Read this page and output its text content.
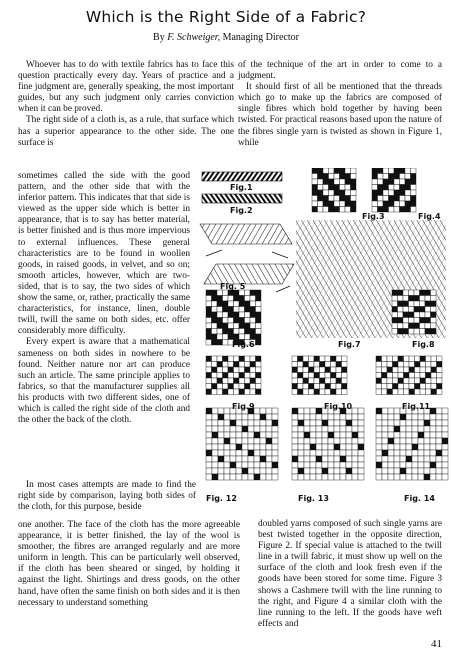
Which is the Right Side of a Fabric?
By F. Schweiger, Managing Director

Whoever has to do with textile fabrics has to face this question practically every day. Years of practice and a fine judgment are, generally speaking, the most important guides, but any such judgment only carries conviction when it can be proved.

The right side of a cloth is, as a rule, that surface which has a superior appearance to the other side. The one surface is

sometimes called the side with the good pattern, and the other side that with the inferior pattern. This indicates that that side is viewed as the upper side which is better in appearance, that is to say has better material, is better finished and is thus more impervious to external influences. These general characteristics are to be found in woollen goods, in raised goods, in velvet, and so on; smooth articles, however, which are two-sided, that is to say, the two sides of which show the same, or, rather, practically the same characteristics, for instance, linen, double twill, twill the same on both sides, etc. offer considerably more difficulty.

Every expert is aware that a mathematical sameness on both sides in nowhere to be found. Neither nature nor art can produce such an article. The same principle applies to fabrics, so that the manufacturer supplies all his products with two different sides, one of which is called the right side of the cloth and the other the back of the cloth.

In most cases attempts are made to find the right side by comparison, laying both sides of the cloth, for this purpose, beside

one another. The face of the cloth has the more agreeable appearance, it is better finished, the lay of the wool is smoother, the fibres are arranged regularly and are more uniform in length. This can be particularly well observed, if the cloth has been sheared or singed, by holding it against the light. Shirtings and dress goods, on the other hand, have often the same finish on both sides and it is then necessary to understand something

of the technique of the art in order to come to a judgment.

It should first of all be mentioned that the threads which go to make up the fabrics are composed of single fibres which hold together by having been twisted. For practical reasons based upon the nature of the fibres single yarn is twisted as shown in Figure 1, while

doubled yarns composed of such single yarns are best twisted together in the opposite direction, Figure 2. If special value is attached to the twill line in a twill fabric, it must show up well on the surface of the cloth and look fresh even if the goods have been stored for some time. Figure 3 shows a Cashmere twill with the line running to the right, and Figure 4 a similar cloth with the line running to the left. If the goods have weft effects and

Fig.1
Fig.2
Fig.3	Fig.4
Fig. 5
Fig.6	Fig.7	Fig.8
Fig.9	Fig.10	Fig.11
Fig. 12	Fig. 13	Fig. 14
41
